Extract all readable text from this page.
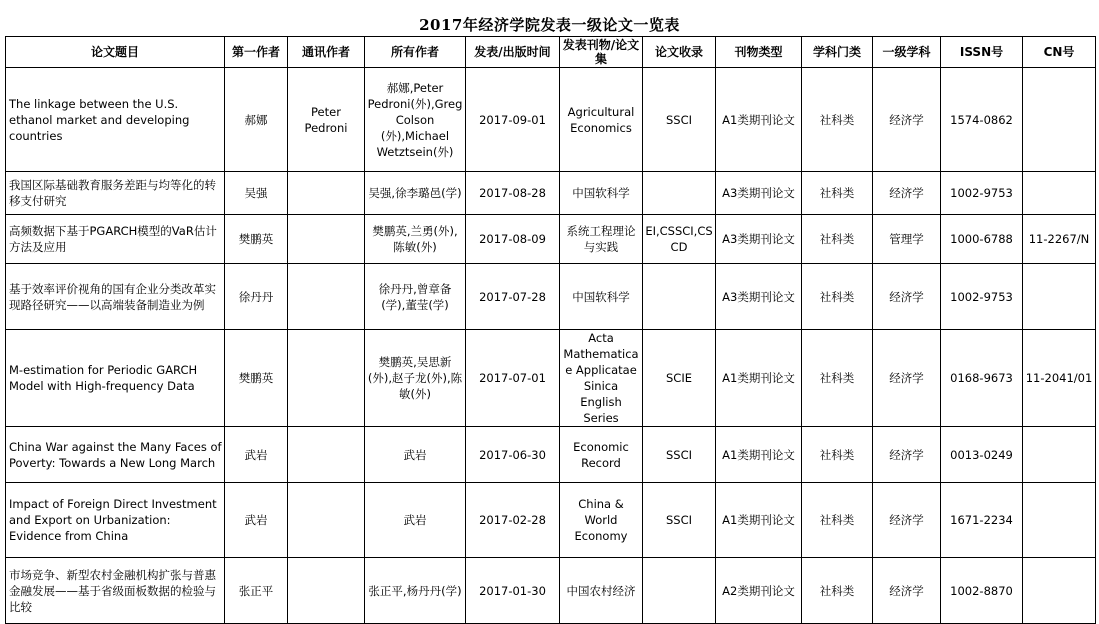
2017年经济学院发表一级论文一览表
论文题目	第一作者	通讯作者	所有作者	发表/出版时间	发表刊物/论文集	论文收录	刊物类型	学科门类	一级学科	ISSN号	CN号
The linkage between the U.S. ethanol market and developing countries	郝娜	Peter Pedroni	郝娜,Peter Pedroni(外),Greg Colson (外),Michael Wetztsein(外)	2017-09-01	Agricultural Economics	SSCI	A1类期刊论文	社科类	经济学	1574-0862	
我国区际基础教育服务差距与均等化的转移支付研究	吴强		吴强,徐李璐邑(学)	2017-08-28	中国软科学		A3类期刊论文	社科类	经济学	1002-9753	
高频数据下基于PGARCH模型的VaR估计方法及应用	樊鹏英		樊鹏英,兰勇(外),陈敏(外)	2017-08-09	系统工程理论与实践	EI,CSSCI,CSCD	A3类期刊论文	社科类	管理学	1000-6788	11-2267/N
基于效率评价视角的国有企业分类改革实现路径研究——以高端装备制造业为例	徐丹丹		徐丹丹,曾章备(学),董莹(学)	2017-07-28	中国软科学		A3类期刊论文	社科类	经济学	1002-9753	
M-estimation for Periodic GARCH Model with High-frequency Data	樊鹏英		樊鹏英,吴思新(外),赵子龙(外),陈敏(外)	2017-07-01	Acta Mathematicae Applicatae Sinica English Series	SCIE	A1类期刊论文	社科类	经济学	0168-9673	11-2041/01
China War against the Many Faces of Poverty: Towards a New Long March	武岩		武岩	2017-06-30	Economic Record	SSCI	A1类期刊论文	社科类	经济学	0013-0249	
Impact of Foreign Direct Investment and Export on Urbanization: Evidence from China	武岩		武岩	2017-02-28	China & World Economy	SSCI	A1类期刊论文	社科类	经济学	1671-2234	
市场竞争、新型农村金融机构扩张与普惠金融发展——基于省级面板数据的检验与比较	张正平		张正平,杨丹丹(学)	2017-01-30	中国农村经济		A2类期刊论文	社科类	经济学	1002-8870	
